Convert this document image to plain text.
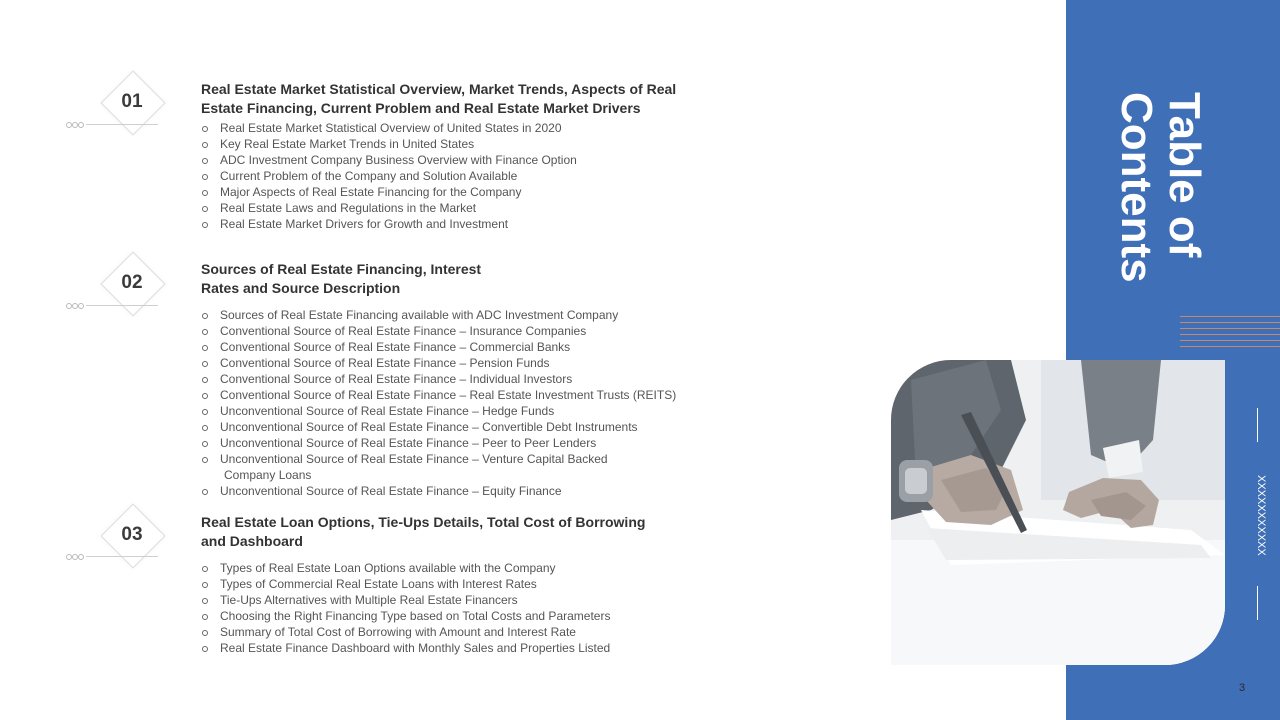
01
Real Estate Market Statistical Overview, Market Trends, Aspects of Real
Estate Financing, Current Problem and Real Estate Market Drivers
Real Estate Market Statistical Overview of United States in 2020
Key Real Estate Market Trends in United States
ADC Investment Company Business Overview with Finance Option
Current Problem of the Company and Solution Available
Major Aspects of Real Estate Financing for the Company
Real Estate Laws and Regulations in the Market
Real Estate Market Drivers for Growth and Investment
02
Sources of Real Estate Financing, Interest
Rates and Source Description
Sources of Real Estate Financing available with ADC Investment Company
Conventional Source of Real Estate Finance – Insurance Companies
Conventional Source of Real Estate Finance – Commercial Banks
Conventional Source of Real Estate Finance – Pension Funds
Conventional Source of Real Estate Finance – Individual Investors
Conventional Source of Real Estate Finance – Real Estate Investment Trusts (REITS)
Unconventional Source of Real Estate Finance – Hedge Funds
Unconventional Source of Real Estate Finance – Convertible Debt Instruments
Unconventional Source of Real Estate Finance – Peer to Peer Lenders
Unconventional Source of Real Estate Finance – Venture Capital Backed
Company Loans
Unconventional Source of Real Estate Finance – Equity Finance
03
Real Estate Loan Options, Tie-Ups Details, Total Cost of Borrowing
and Dashboard
Types of Real Estate Loan Options available with the Company
Types of Commercial Real Estate Loans with Interest Rates
Tie-Ups Alternatives with Multiple Real Estate Financers
Choosing the Right Financing Type based on Total Costs and Parameters
Summary of Total Cost of Borrowing with Amount and Interest Rate
Real Estate Finance Dashboard with Monthly Sales and Properties Listed
Table of
Contents
XXXXXXXXXXX
3
